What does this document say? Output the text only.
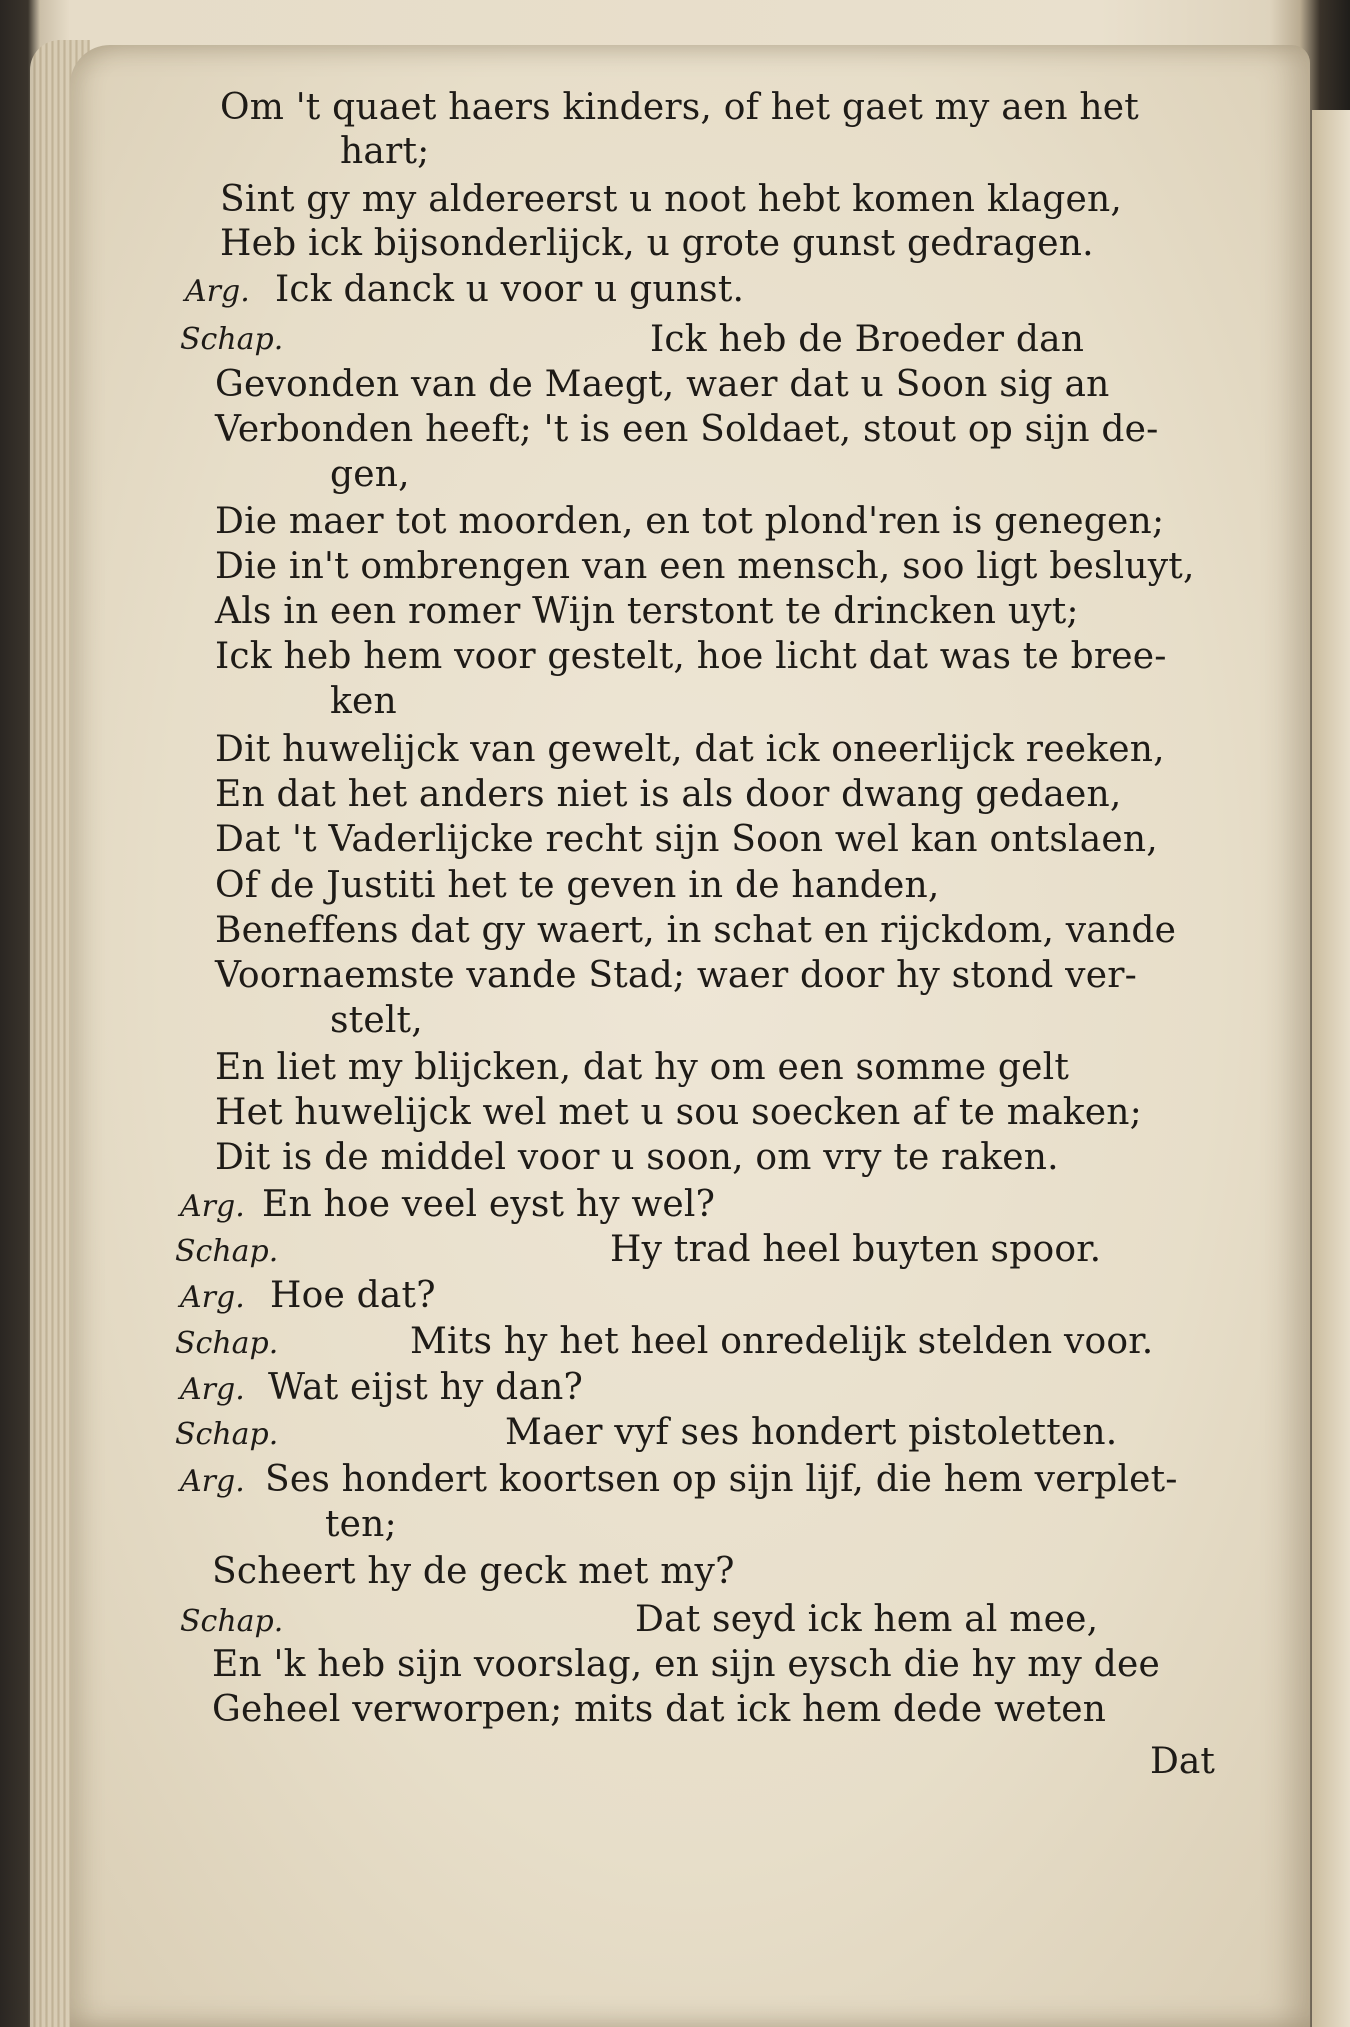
Om 't quaet haers kinders, of het gaet my aen het
hart;
Sint gy my aldereerst u noot hebt komen klagen,
Heb ick bijsonderlijck, u grote gunst gedragen.
Ick danck u voor u gunst.
Ick heb de Broeder dan
Gevonden van de Maegt, waer dat u Soon sig an
Verbonden heeft; 't is een Soldaet, stout op sijn de-
gen,
Die maer tot moorden, en tot plond'ren is genegen;
Die in't ombrengen van een mensch, soo ligt besluyt,
Als in een romer Wijn terstont te drincken uyt;
Ick heb hem voor gestelt, hoe licht dat was te bree-
ken
Dit huwelijck van gewelt, dat ick oneerlijck reeken,
En dat het anders niet is als door dwang gedaen,
Dat 't Vaderlijcke recht sijn Soon wel kan ontslaen,
Of de Justiti het te geven in de handen,
Beneffens dat gy waert, in schat en rijckdom, vande
Voornaemste vande Stad; waer door hy stond ver-
stelt,
En liet my blijcken, dat hy om een somme gelt
Het huwelijck wel met u sou soecken af te maken;
Dit is de middel voor u soon, om vry te raken.
En hoe veel eyst hy wel?
Hy trad heel buyten spoor.
Hoe dat?
Mits hy het heel onredelijk stelden voor.
Wat eijst hy dan?
Maer vyf ses hondert pistoletten.
Ses hondert koortsen op sijn lijf, die hem verplet-
ten;
Scheert hy de geck met my?
Dat seyd ick hem al mee,
En 'k heb sijn voorslag, en sijn eysch die hy my dee
Geheel verworpen; mits dat ick hem dede weten
Arg.
Schap.
Arg.
Schap.
Arg.
Schap.
Arg.
Schap.
Arg.
Schap.
Dat
